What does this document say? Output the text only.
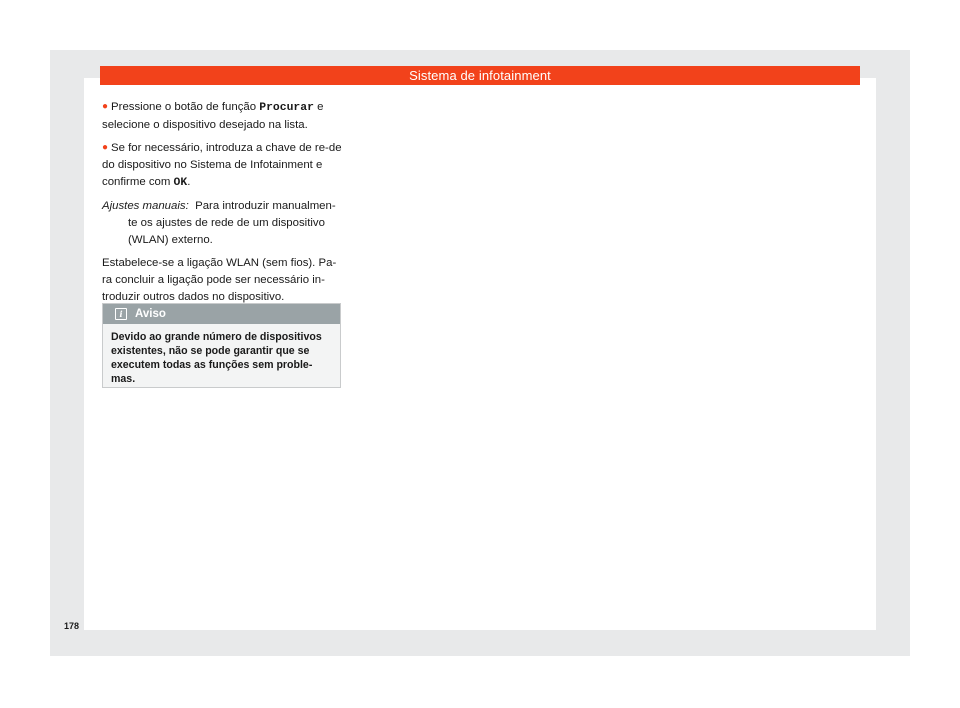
Sistema de infotainment

● Pressione o botão de função Procurar e selecione o dispositivo desejado na lista.

● Se for necessário, introduza a chave de re-de do dispositivo no Sistema de Infotainment e confirme com OK.

Ajustes manuais: Para introduzir manualmen-

te os ajustes de rede de um dispositivo (WLAN) externo.

Estabelece-se a ligação WLAN (sem fios). Pa-ra concluir a ligação pode ser necessário in-troduzir outros dados no dispositivo.

i	Aviso
Devido ao grande número de dispositivos existentes, não se pode garantir que se executem todas as funções sem proble-mas.
178
